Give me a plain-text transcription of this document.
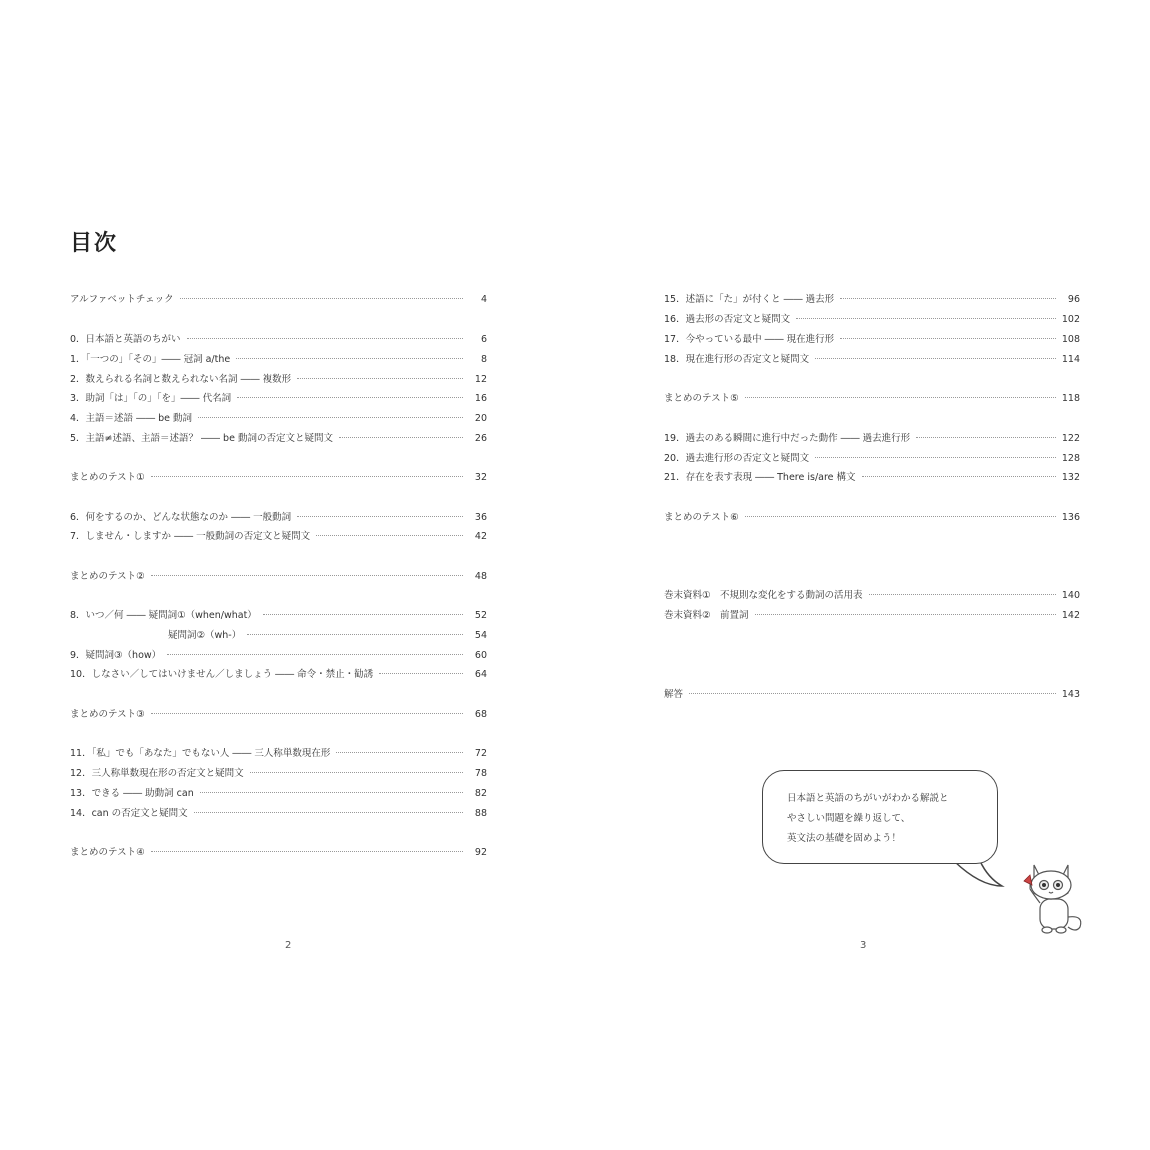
目次
アルファベットチェック	4
0．日本語と英語のちがい	6
1．「一つの」「その」―― 冠詞 a/the	8
2．数えられる名詞と数えられない名詞 ―― 複数形	12
3．助詞「は」「の」「を」―― 代名詞	16
4．主語＝述語 ―― be 動詞	20
5．主語≠述語、主語＝述語？ ―― be 動詞の否定文と疑問文	26
まとめのテスト①	32
6．何をするのか、どんな状態なのか ―― 一般動詞	36
7．しません・しますか ―― 一般動詞の否定文と疑問文	42
まとめのテスト②	48
8．いつ／何 ―― 疑問詞①（when/what）	52
疑問詞②（wh-）	54
9．疑問詞③（how）	60
10．しなさい／してはいけません／しましょう ―― 命令・禁止・勧誘	64
まとめのテスト③	68
11．「私」でも「あなた」でもない人 ―― 三人称単数現在形	72
12．三人称単数現在形の否定文と疑問文	78
13．できる ―― 助動詞 can	82
14．can の否定文と疑問文	88
まとめのテスト④	92
2
15．述語に「た」が付くと ―― 過去形	96
16．過去形の否定文と疑問文	102
17．今やっている最中 ―― 現在進行形	108
18．現在進行形の否定文と疑問文	114
まとめのテスト⑤	118
19．過去のある瞬間に進行中だった動作 ―― 過去進行形	122
20．過去進行形の否定文と疑問文	128
21．存在を表す表現 ―― There is/are 構文	132
まとめのテスト⑥	136
巻末資料①　不規則な変化をする動詞の活用表	140
巻末資料②　前置詞	142
解答	143
3
日本語と英語のちがいがわかる解説と
やさしい問題を繰り返して、
英文法の基礎を固めよう！
